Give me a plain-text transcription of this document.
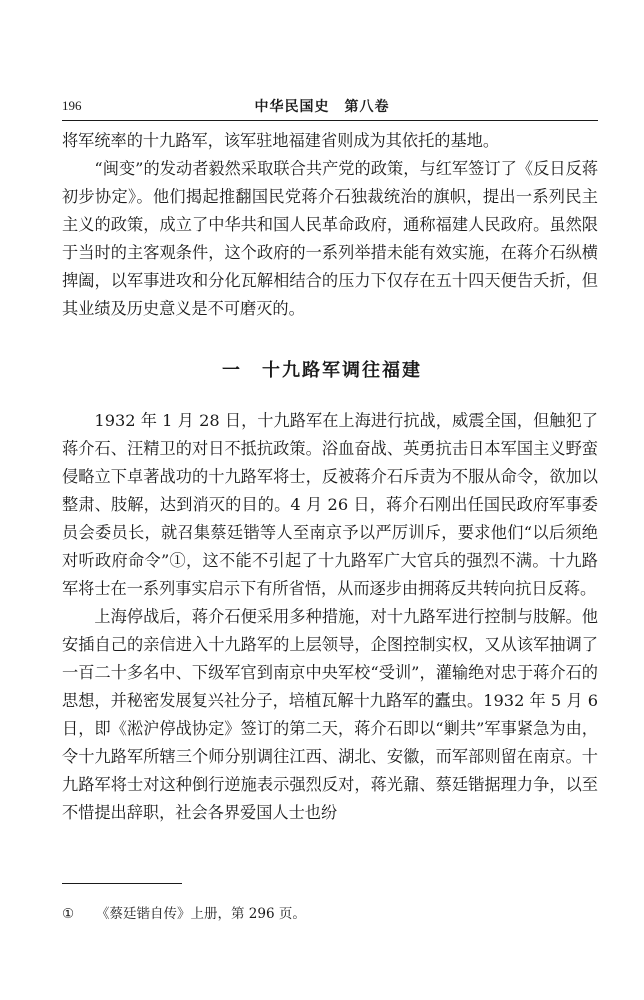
196	中华民国史　第八卷

将军统率的十九路军，该军驻地福建省则成为其依托的基地。

“闽变”的发动者毅然采取联合共产党的政策，与红军签订了《反日反蒋初步协定》。他们揭起推翻国民党蒋介石独裁统治的旗帜，提出一系列民主主义的政策，成立了中华共和国人民革命政府，通称福建人民政府。虽然限于当时的主客观条件，这个政府的一系列举措未能有效实施，在蒋介石纵横捭阖，以军事进攻和分化瓦解相结合的压力下仅存在五十四天便告夭折，但其业绩及历史意义是不可磨灭的。

一　十九路军调往福建

1932 年 1 月 28 日，十九路军在上海进行抗战，威震全国，但触犯了蒋介石、汪精卫的对日不抵抗政策。浴血奋战、英勇抗击日本军国主义野蛮侵略立下卓著战功的十九路军将士，反被蒋介石斥责为不服从命令，欲加以整肃、肢解，达到消灭的目的。4 月 26 日，蒋介石刚出任国民政府军事委员会委员长，就召集蔡廷锴等人至南京予以严厉训斥，要求他们“以后须绝对听政府命令”①，这不能不引起了十九路军广大官兵的强烈不满。十九路军将士在一系列事实启示下有所省悟，从而逐步由拥蒋反共转向抗日反蒋。

上海停战后，蒋介石便采用多种措施，对十九路军进行控制与肢解。他安插自己的亲信进入十九路军的上层领导，企图控制实权，又从该军抽调了一百二十多名中、下级军官到南京中央军校“受训”，灌输绝对忠于蒋介石的思想，并秘密发展复兴社分子，培植瓦解十九路军的蠹虫。1932 年 5 月 6 日，即《淞沪停战协定》签订的第二天，蒋介石即以“剿共”军事紧急为由，令十九路军所辖三个师分别调往江西、湖北、安徽，而军部则留在南京。十九路军将士对这种倒行逆施表示强烈反对，蒋光鼐、蔡廷锴据理力争，以至不惜提出辞职，社会各界爱国人士也纷

① 《蔡廷锴自传》上册，第 296 页。
